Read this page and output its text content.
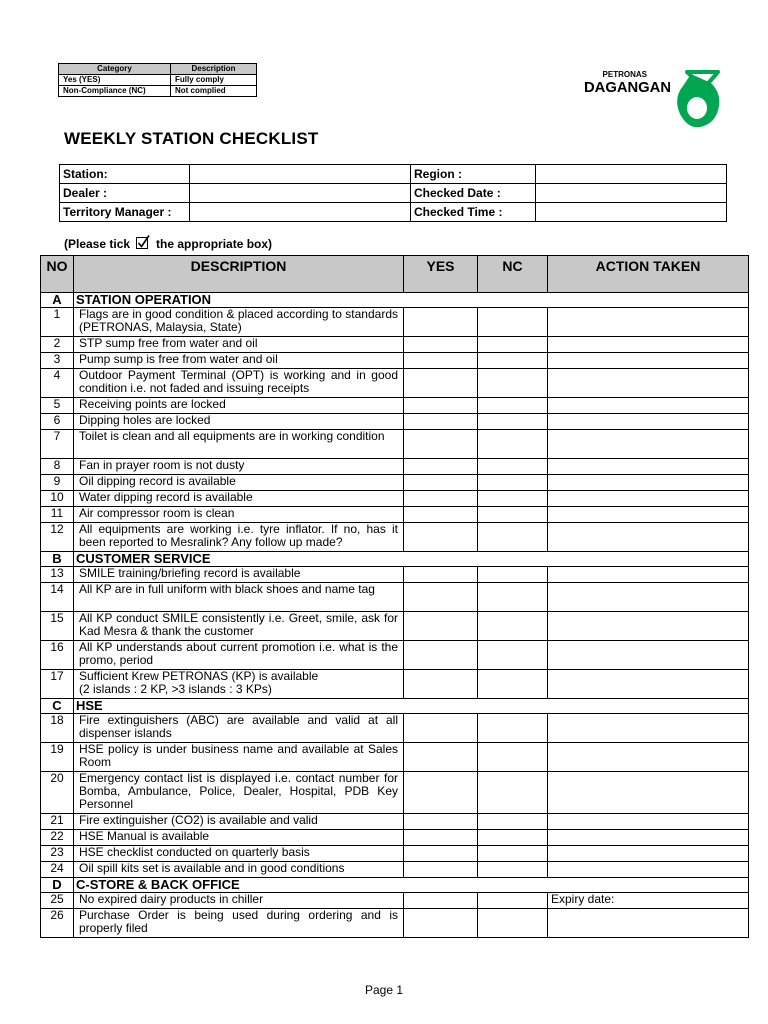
Category	Description
Yes (YES)	Fully comply
Non-Compliance (NC)	Not complied
PETRONAS
DAGANGAN
WEEKLY STATION CHECKLIST
Station:		Region :	
Dealer :		Checked Date :	
Territory Manager :		Checked Time :	
(Please tick the appropriate box)
NO	DESCRIPTION	YES	NC	ACTION TAKEN
A	STATION OPERATION			
1	Flags are in good condition & placed according to standards (PETRONAS, Malaysia, State)			
2	STP sump free from water and oil			
3	Pump sump is free from water and oil			
4	Outdoor Payment Terminal (OPT) is working and in good condition i.e. not faded and issuing receipts			
5	Receiving points are locked			
6	Dipping holes are locked			
7	Toilet is clean and all equipments are in working condition			
8	Fan in prayer room is not dusty			
9	Oil dipping record is available			
10	Water dipping record is available			
11	Air compressor room is clean			
12	All equipments are working i.e. tyre inflator. If no, has it been reported to Mesralink? Any follow up made?			
B	CUSTOMER SERVICE			
13	SMILE training/briefing record is available			
14	All KP are in full uniform with black shoes and name tag			
15	All KP conduct SMILE consistently i.e. Greet, smile, ask for Kad Mesra & thank the customer			
16	All KP understands about current promotion i.e. what is the promo, period			
17	Sufficient Krew PETRONAS (KP) is available
(2 islands : 2 KP, >3 islands : 3 KPs)			
C	HSE			
18	Fire extinguishers (ABC) are available and valid at all dispenser islands			
19	HSE policy is under business name and available at Sales Room			
20	Emergency contact list is displayed i.e. contact number for Bomba, Ambulance, Police, Dealer, Hospital, PDB Key Personnel			
21	Fire extinguisher (CO2) is available and valid			
22	HSE Manual is available			
23	HSE checklist conducted on quarterly basis			
24	Oil spill kits set is available and in good conditions			
D	C-STORE & BACK OFFICE			
25	No expired dairy products in chiller			Expiry date:
26	Purchase Order is being used during ordering and is properly filed			
Page 1
